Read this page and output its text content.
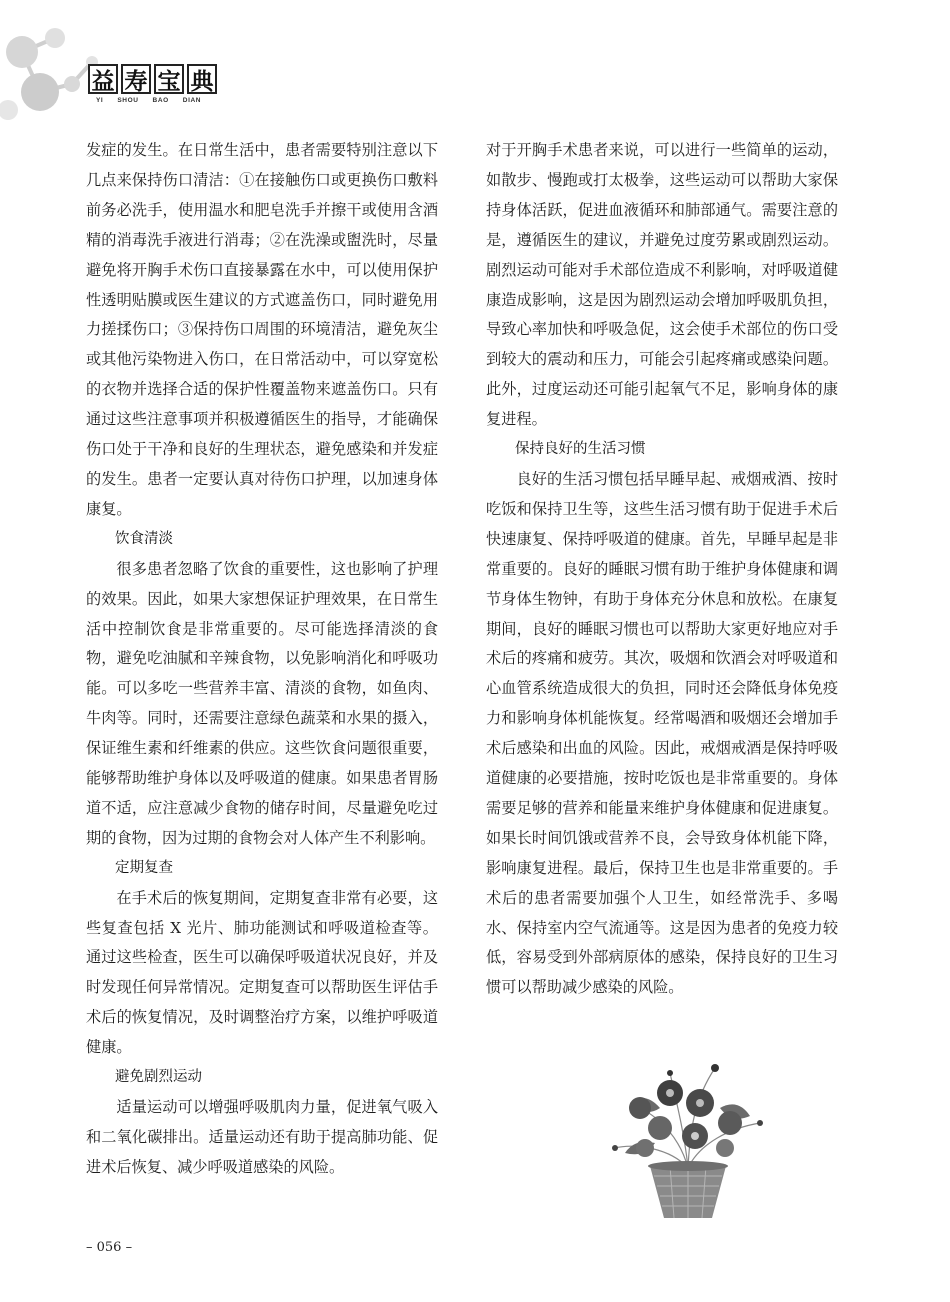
益 寿 宝 典
YI SHOU BAO DIAN

发症的发生。在日常生活中，患者需要特别注意以下几点来保持伤口清洁：①在接触伤口或更换伤口敷料前务必洗手，使用温水和肥皂洗手并擦干或使用含酒精的消毒洗手液进行消毒；②在洗澡或盥洗时，尽量避免将开胸手术伤口直接暴露在水中，可以使用保护性透明贴膜或医生建议的方式遮盖伤口，同时避免用力搓揉伤口；③保持伤口周围的环境清洁，避免灰尘或其他污染物进入伤口，在日常活动中，可以穿宽松的衣物并选择合适的保护性覆盖物来遮盖伤口。只有通过这些注意事项并积极遵循医生的指导，才能确保伤口处于干净和良好的生理状态，避免感染和并发症的发生。患者一定要认真对待伤口护理，以加速身体康复。

饮食清淡

很多患者忽略了饮食的重要性，这也影响了护理的效果。因此，如果大家想保证护理效果，在日常生活中控制饮食是非常重要的。尽可能选择清淡的食物，避免吃油腻和辛辣食物，以免影响消化和呼吸功能。可以多吃一些营养丰富、清淡的食物，如鱼肉、牛肉等。同时，还需要注意绿色蔬菜和水果的摄入，保证维生素和纤维素的供应。这些饮食问题很重要，能够帮助维护身体以及呼吸道的健康。如果患者胃肠道不适，应注意减少食物的储存时间，尽量避免吃过期的食物，因为过期的食物会对人体产生不利影响。

定期复查

在手术后的恢复期间，定期复查非常有必要，这些复查包括 X 光片、肺功能测试和呼吸道检查等。通过这些检查，医生可以确保呼吸道状况良好，并及时发现任何异常情况。定期复查可以帮助医生评估手术后的恢复情况，及时调整治疗方案，以维护呼吸道健康。

避免剧烈运动

适量运动可以增强呼吸肌肉力量，促进氧气吸入和二氧化碳排出。适量运动还有助于提高肺功能、促进术后恢复、减少呼吸道感染的风险。

对于开胸手术患者来说，可以进行一些简单的运动，如散步、慢跑或打太极拳，这些运动可以帮助大家保持身体活跃，促进血液循环和肺部通气。需要注意的是，遵循医生的建议，并避免过度劳累或剧烈运动。剧烈运动可能对手术部位造成不利影响，对呼吸道健康造成影响，这是因为剧烈运动会增加呼吸肌负担，导致心率加快和呼吸急促，这会使手术部位的伤口受到较大的震动和压力，可能会引起疼痛或感染问题。此外，过度运动还可能引起氧气不足，影响身体的康复进程。

保持良好的生活习惯

良好的生活习惯包括早睡早起、戒烟戒酒、按时吃饭和保持卫生等，这些生活习惯有助于促进手术后快速康复、保持呼吸道的健康。首先，早睡早起是非常重要的。良好的睡眠习惯有助于维护身体健康和调节身体生物钟，有助于身体充分休息和放松。在康复期间，良好的睡眠习惯也可以帮助大家更好地应对手术后的疼痛和疲劳。其次，吸烟和饮酒会对呼吸道和心血管系统造成很大的负担，同时还会降低身体免疫力和影响身体机能恢复。经常喝酒和吸烟还会增加手术后感染和出血的风险。因此，戒烟戒酒是保持呼吸道健康的必要措施，按时吃饭也是非常重要的。身体需要足够的营养和能量来维护身体健康和促进康复。如果长时间饥饿或营养不良，会导致身体机能下降，影响康复进程。最后，保持卫生也是非常重要的。手术后的患者需要加强个人卫生，如经常洗手、多喝水、保持室内空气流通等。这是因为患者的免疫力较低，容易受到外部病原体的感染，保持良好的卫生习惯可以帮助减少感染的风险。

– 056 –
